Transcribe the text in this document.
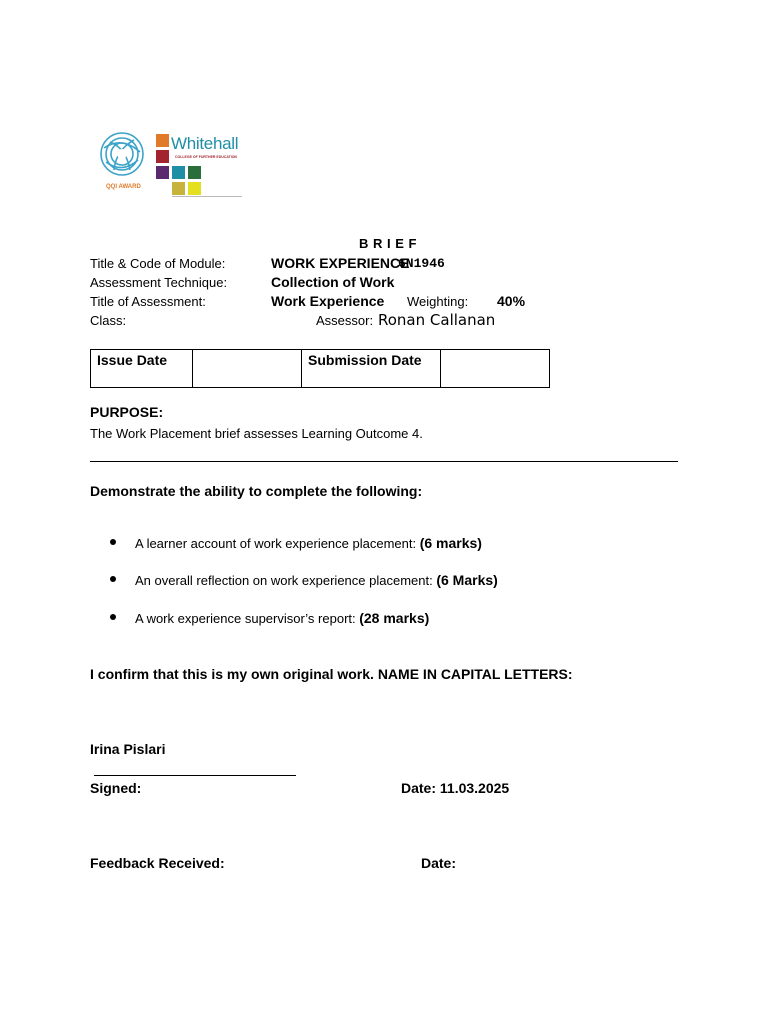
QQI AWARD
Whitehall
COLLEGE OF FURTHER EDUCATION
B R I E F
Title & Code of Module:	WORK EXPERIENCE
6N1946
Assessment Technique:	Collection of Work
Title of Assessment:	Work Experience Weighting: 40%
Class:	Assessor: Ronan Callanan
Issue Date		Submission Date	
PURPOSE:
The Work Placement brief assesses Learning Outcome 4.
Demonstrate the ability to complete the following:
A learner account of work experience placement: (6 marks)
An overall reflection on work experience placement: (6 Marks)
A work experience supervisor’s report: (28 marks)
I confirm that this is my own original work. NAME IN CAPITAL LETTERS:
Irina Pislari
Signed:	Date: 11.03.2025
Feedback Received:	Date:
